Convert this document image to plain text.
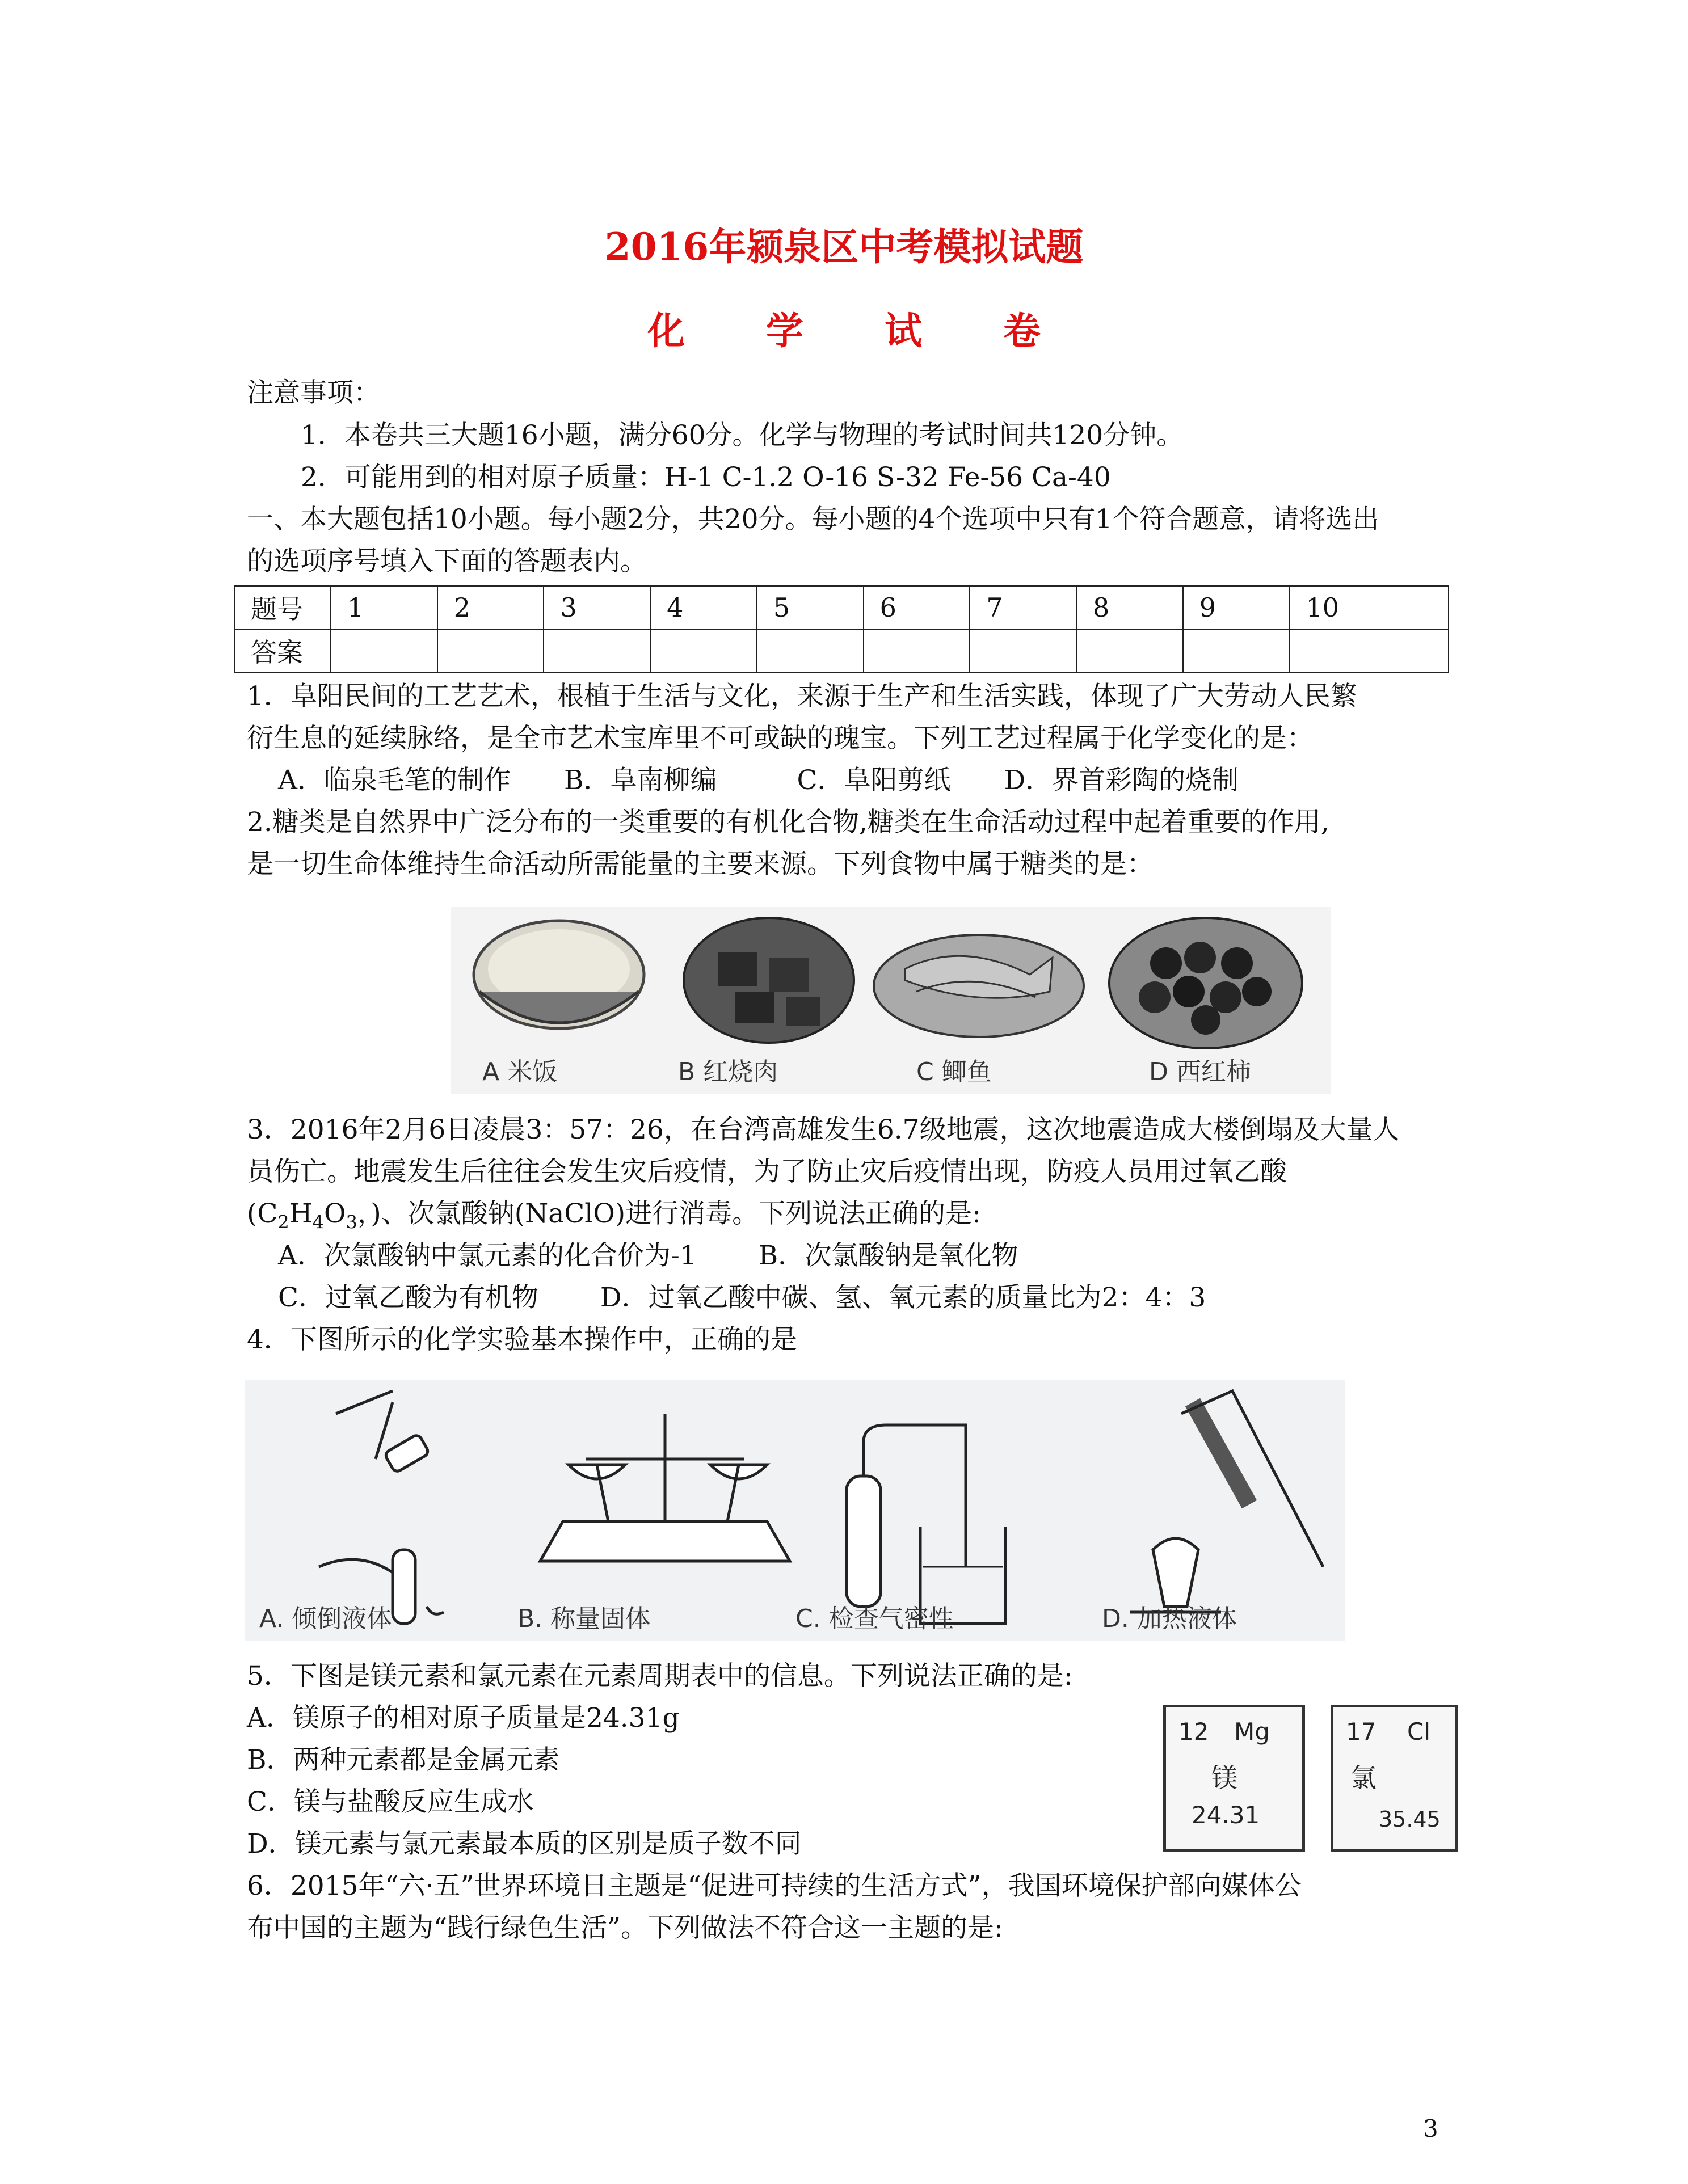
2016年颍泉区中考模拟试题
化 学 试 卷
注意事项：
1．本卷共三大题16小题，满分60分。化学与物理的考试时间共120分钟。
2．可能用到的相对原子质量：H-1 C-1.2 O-16 S-32 Fe-56 Ca-40
一、本大题包括10小题。每小题2分，共20分。每小题的4个选项中只有1个符合题意，请将选出
的选项序号填入下面的答题表内。
题号	1	2	3	4	5	6	7	8	9	10
答案										
1．阜阳民间的工艺艺术，根植于生活与文化，来源于生产和生活实践，体现了广大劳动人民繁
衍生息的延续脉络，是全市艺术宝库里不可或缺的瑰宝。下列工艺过程属于化学变化的是：
A．临泉毛笔的制作　　B．阜南柳编　　　C．阜阳剪纸　　D．界首彩陶的烧制
2.糖类是自然界中广泛分布的一类重要的有机化合物,糖类在生命活动过程中起着重要的作用,
是一切生命体维持生命活动所需能量的主要来源。下列食物中属于糖类的是：
A 米饭	B 红烧肉	C 鲫鱼	D 西红柿
3．2016年2月6日凌晨3：57：26，在台湾高雄发生6.7级地震，这次地震造成大楼倒塌及大量人
员伤亡。地震发生后往往会发生灾后疫情，为了防止灾后疫情出现，防疫人员用过氧乙酸
($C_2H_4O_3$，)、次氯酸钠(NaClO)进行消毒。下列说法正确的是:
A．次氯酸钠中氯元素的化合价为-1　　 B．次氯酸钠是氧化物
C．过氧乙酸为有机物　　 D．过氧乙酸中碳、氢、氧元素的质量比为2：4：3
4．下图所示的化学实验基本操作中，正确的是
A. 倾倒液体	B. 称量固体	C. 检查气密性	D. 加热液体
5．下图是镁元素和氯元素在元素周期表中的信息。下列说法正确的是:
A．镁原子的相对原子质量是24.31g
B．两种元素都是金属元素
C．镁与盐酸反应生成水
D．镁元素与氯元素最本质的区别是质子数不同
12 Mg
镁
24.31
17 Cl
氯
35.45
6．2015年“六·五”世界环境日主题是“促进可持续的生活方式”，我国环境保护部向媒体公
布中国的主题为“践行绿色生活”。下列做法不符合这一主题的是:
3
